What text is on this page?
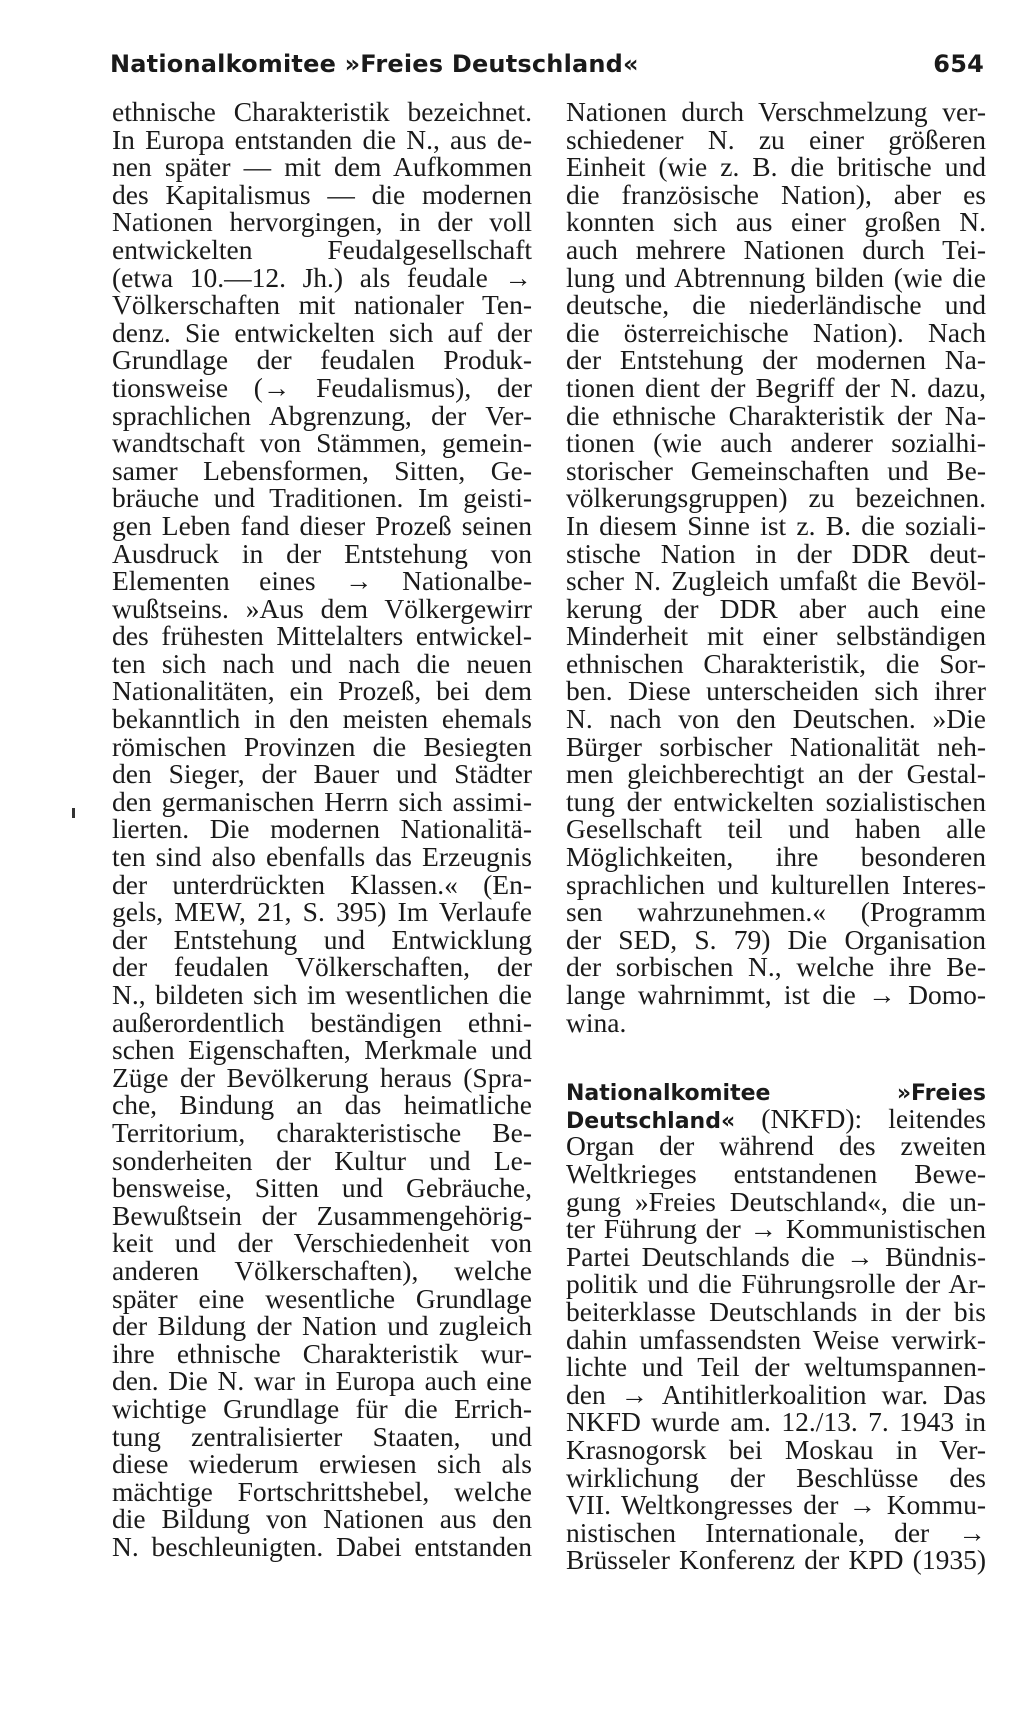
Nationalkomitee »Freies Deutschland«	654
ethnische Charakteristik bezeichnet.
In Europa entstanden die N., aus de-
nen später — mit dem Aufkommen
des Kapitalismus — die modernen
Nationen hervorgingen, in der voll
entwickelten Feudalgesellschaft
(etwa 10.—12. Jh.) als feudale →
Völkerschaften mit nationaler Ten-
denz. Sie entwickelten sich auf der
Grundlage der feudalen Produk-
tionsweise (→ Feudalismus), der
sprachlichen Abgrenzung, der Ver-
wandtschaft von Stämmen, gemein-
samer Lebensformen, Sitten, Ge-
bräuche und Traditionen. Im geisti-
gen Leben fand dieser Prozeß seinen
Ausdruck in der Entstehung von
Elementen eines → Nationalbe-
wußtseins. »Aus dem Völkergewirr
des frühesten Mittelalters entwickel-
ten sich nach und nach die neuen
Nationalitäten, ein Prozeß, bei dem
bekanntlich in den meisten ehemals
römischen Provinzen die Besiegten
den Sieger, der Bauer und Städter
den germanischen Herrn sich assimi-
lierten. Die modernen Nationalitä-
ten sind also ebenfalls das Erzeugnis
der unterdrückten Klassen.« (En-
gels, MEW, 21, S. 395) Im Verlaufe
der Entstehung und Entwicklung
der feudalen Völkerschaften, der
N., bildeten sich im wesentlichen die
außerordentlich beständigen ethni-
schen Eigenschaften, Merkmale und
Züge der Bevölkerung heraus (Spra-
che, Bindung an das heimatliche
Territorium, charakteristische Be-
sonderheiten der Kultur und Le-
bensweise, Sitten und Gebräuche,
Bewußtsein der Zusammengehörig-
keit und der Verschiedenheit von
anderen Völkerschaften), welche
später eine wesentliche Grundlage
der Bildung der Nation und zugleich
ihre ethnische Charakteristik wur-
den. Die N. war in Europa auch eine
wichtige Grundlage für die Errich-
tung zentralisierter Staaten, und
diese wiederum erwiesen sich als
mächtige Fortschrittshebel, welche
die Bildung von Nationen aus den
N. beschleunigten. Dabei entstanden
Nationen durch Verschmelzung ver-
schiedener N. zu einer größeren
Einheit (wie z. B. die britische und
die französische Nation), aber es
konnten sich aus einer großen N.
auch mehrere Nationen durch Tei-
lung und Abtrennung bilden (wie die
deutsche, die niederländische und
die österreichische Nation). Nach
der Entstehung der modernen Na-
tionen dient der Begriff der N. dazu,
die ethnische Charakteristik der Na-
tionen (wie auch anderer sozialhi-
storischer Gemeinschaften und Be-
völkerungsgruppen) zu bezeichnen.
In diesem Sinne ist z. B. die soziali-
stische Nation in der DDR deut-
scher N. Zugleich umfaßt die Bevöl-
kerung der DDR aber auch eine
Minderheit mit einer selbständigen
ethnischen Charakteristik, die Sor-
ben. Diese unterscheiden sich ihrer
N. nach von den Deutschen. »Die
Bürger sorbischer Nationalität neh-
men gleichberechtigt an der Gestal-
tung der entwickelten sozialistischen
Gesellschaft teil und haben alle
Möglichkeiten, ihre besonderen
sprachlichen und kulturellen Interes-
sen wahrzunehmen.« (Programm
der SED, S. 79) Die Organisation
der sorbischen N., welche ihre Be-
lange wahrnimmt, ist die → Domo-
wina.
Nationalkomitee	»Freies
Deutschland« (NKFD): leitendes
Organ der während des zweiten
Weltkrieges entstandenen Bewe-
gung »Freies Deutschland«, die un-
ter Führung der → Kommunistischen
Partei Deutschlands die → Bündnis-
politik und die Führungsrolle der Ar-
beiterklasse Deutschlands in der bis
dahin umfassendsten Weise verwirk-
lichte und Teil der weltumspannen-
den → Antihitlerkoalition war. Das
NKFD wurde am. 12./13. 7. 1943 in
Krasnogorsk bei Moskau in Ver-
wirklichung der Beschlüsse des
VII. Weltkongresses der → Kommu-
nistischen Internationale, der →
Brüsseler Konferenz der KPD (1935)
